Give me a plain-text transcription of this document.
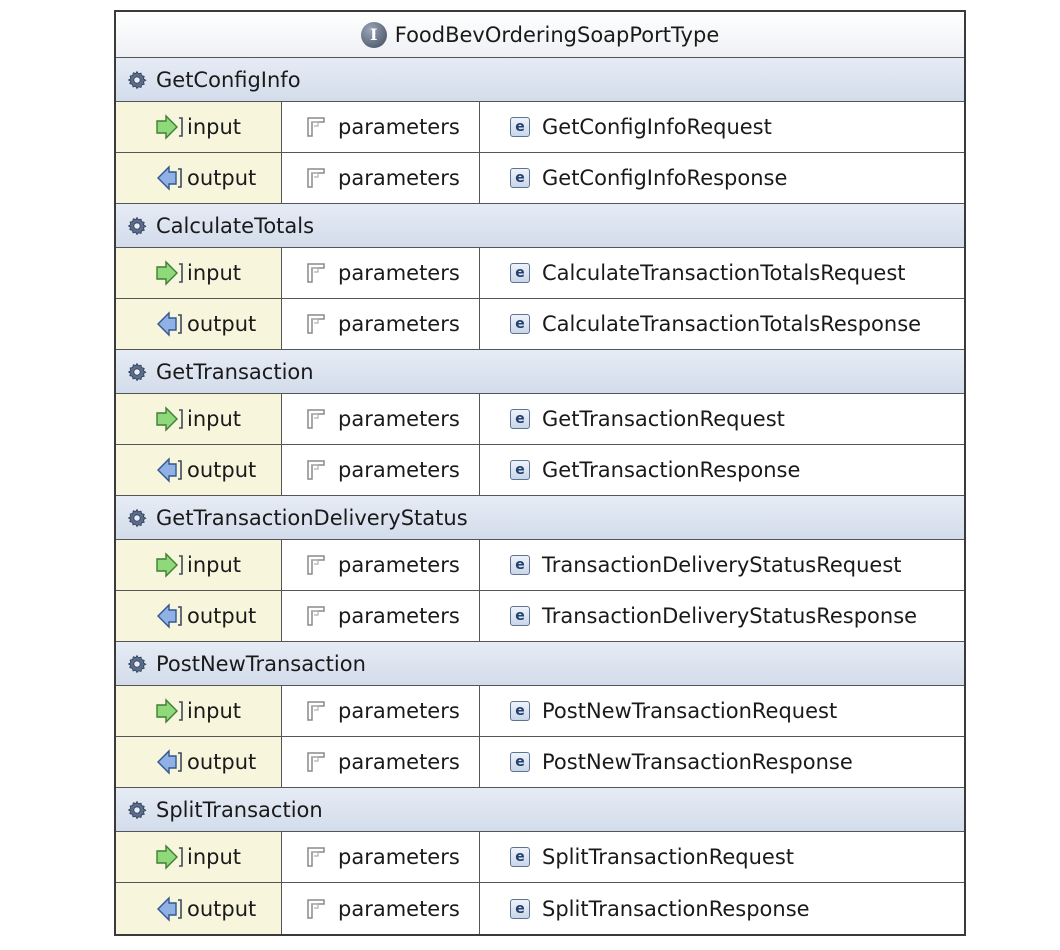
I FoodBevOrderingSoapPortType
GetConfigInfo
input	parameters	e GetConfigInfoRequest
output	parameters	e GetConfigInfoResponse
CalculateTotals
input	parameters	e CalculateTransactionTotalsRequest
output	parameters	e CalculateTransactionTotalsResponse
GetTransaction
input	parameters	e GetTransactionRequest
output	parameters	e GetTransactionResponse
GetTransactionDeliveryStatus
input	parameters	e TransactionDeliveryStatusRequest
output	parameters	e TransactionDeliveryStatusResponse
PostNewTransaction
input	parameters	e PostNewTransactionRequest
output	parameters	e PostNewTransactionResponse
SplitTransaction
input	parameters	e SplitTransactionRequest
output	parameters	e SplitTransactionResponse
